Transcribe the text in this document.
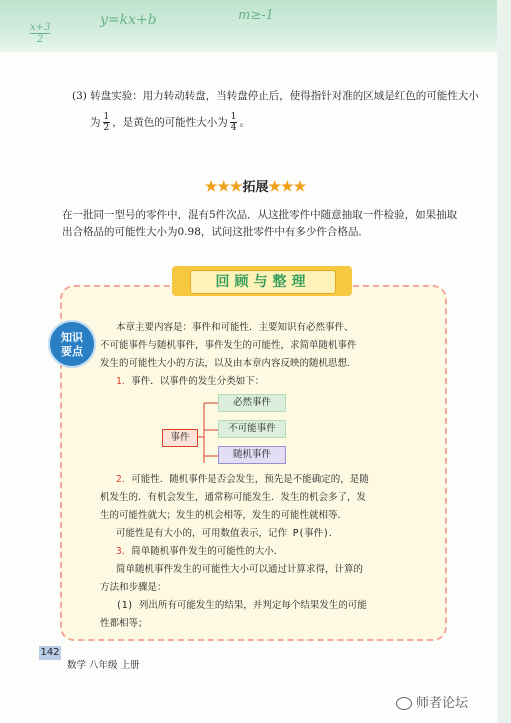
x+3
2
y=kx+b	m≥-1
(3) 转盘实验：用力转动转盘，当转盘停止后，使得指针对准的区域是红色的可能性大小
为 $\frac{1}{2}$ ，是黄色的可能性大小为 $\frac{1}{4}$ 。
★★★拓展★★★
在一批同一型号的零件中，混有5件次品．从这批零件中随意抽取一件检验，如果抽取
出合格品的可能性大小为0.98，试问这批零件中有多少件合格品．
回顾与整理
知识
要点
本章主要内容是：事件和可能性．主要知识有必然事件、
不可能事件与随机事件，事件发生的可能性，求简单随机事件
发生的可能性大小的方法，以及由本章内容反映的随机思想．
1．事件．以事件的发生分类如下：
事件
必然事件
不可能事件
随机事件
2．可能性．随机事件是否会发生，预先是不能确定的，是随
机发生的．有机会发生，通常称可能发生．发生的机会多了，发
生的可能性就大；发生的机会相等，发生的可能性就相等．
可能性是有大小的，可用数值表示，记作 P(事件)．
3．简单随机事件发生的可能性的大小．
简单随机事件发生的可能性大小可以通过计算求得，计算的
方法和步骤是：
(1) 列出所有可能发生的结果，并判定每个结果发生的可能
性都相等；
142
数学 八年级 上册
师者论坛
